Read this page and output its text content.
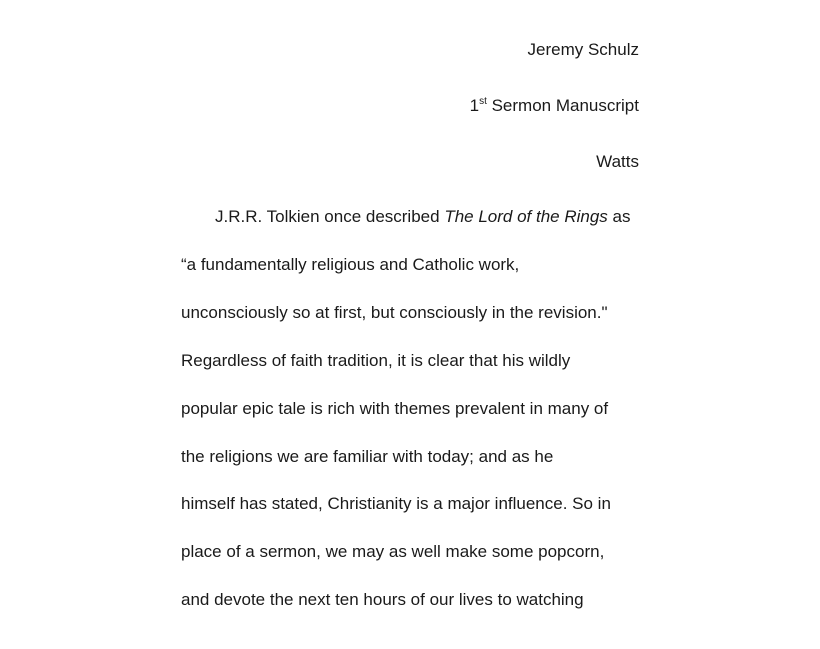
Jeremy Schulz
1st Sermon Manuscript
Watts
J.R.R. Tolkien once described The Lord of the Rings as
“a fundamentally religious and Catholic work,
unconsciously so at first, but consciously in the revision."
Regardless of faith tradition, it is clear that his wildly
popular epic tale is rich with themes prevalent in many of
the religions we are familiar with today; and as he
himself has stated, Christianity is a major influence. So in
place of a sermon, we may as well make some popcorn,
and devote the next ten hours of our lives to watching
